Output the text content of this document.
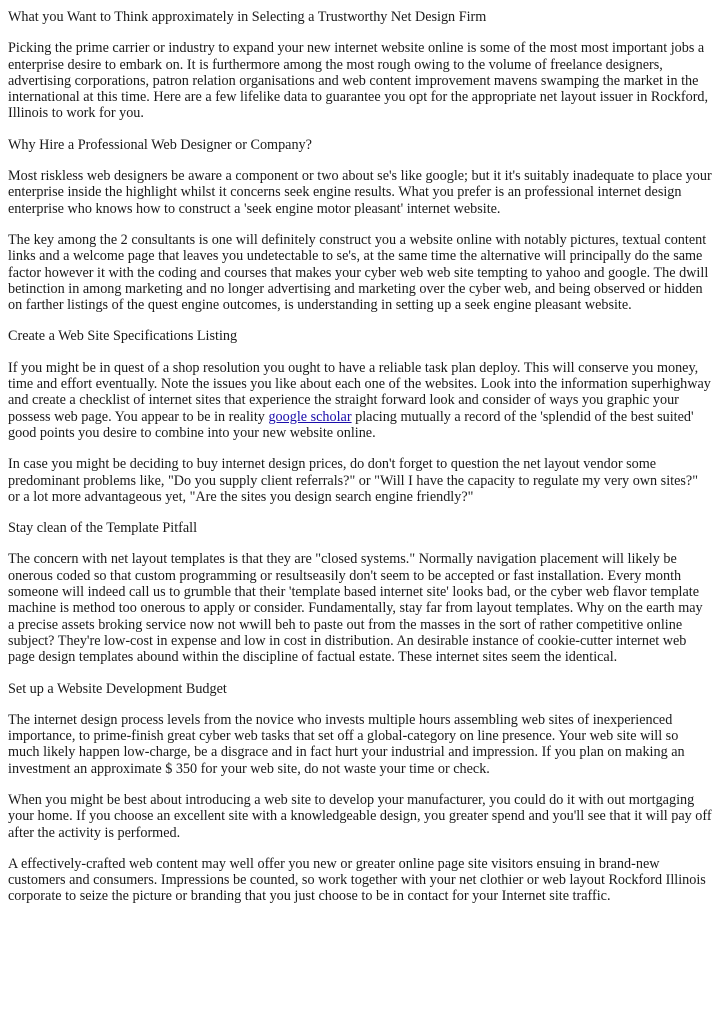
What you Want to Think approximately in Selecting a Trustworthy Net Design Firm

Picking the prime carrier or industry to expand your new internet website online is some of the most most important jobs a enterprise desire to embark on. It is furthermore among the most rough owing to the volume of freelance designers, advertising corporations, patron relation organisations and web content improvement mavens swamping the market in the international at this time. Here are a few lifelike data to guarantee you opt for the appropriate net layout issuer in Rockford, Illinois to work for you.

Why Hire a Professional Web Designer or Company?

Most riskless web designers be aware a component or two about se's like google; but it it's suitably inadequate to place your enterprise inside the highlight whilst it concerns seek engine results. What you prefer is an professional internet design enterprise who knows how to construct a 'seek engine motor pleasant' internet website.

The key among the 2 consultants is one will definitely construct you a website online with notably pictures, textual content links and a welcome page that leaves you undetectable to se's, at the same time the alternative will principally do the same factor however it with the coding and courses that makes your cyber web web site tempting to yahoo and google. The dwill betinction in among marketing and no longer advertising and marketing over the cyber web, and being observed or hidden on farther listings of the quest engine outcomes, is understanding in setting up a seek engine pleasant website.

Create a Web Site Specifications Listing

If you might be in quest of a shop resolution you ought to have a reliable task plan deploy. This will conserve you money, time and effort eventually. Note the issues you like about each one of the websites. Look into the information superhighway and create a checklist of internet sites that experience the straight forward look and consider of ways you graphic your possess web page. You appear to be in reality google scholar placing mutually a record of the 'splendid of the best suited' good points you desire to combine into your new website online.

In case you might be deciding to buy internet design prices, do don't forget to question the net layout vendor some predominant problems like, "Do you supply client referrals?" or "Will I have the capacity to regulate my very own sites?" or a lot more advantageous yet, "Are the sites you design search engine friendly?"

Stay clean of the Template Pitfall

The concern with net layout templates is that they are "closed systems." Normally navigation placement will likely be onerous coded so that custom programming or resultseasily don't seem to be accepted or fast installation. Every month someone will indeed call us to grumble that their 'template based internet site' looks bad, or the cyber web flavor template machine is method too onerous to apply or consider. Fundamentally, stay far from layout templates. Why on the earth may a precise assets broking service now not wwill beh to paste out from the masses in the sort of rather competitive online subject? They're low-cost in expense and low in cost in distribution. An desirable instance of cookie-cutter internet web page design templates abound within the discipline of factual estate. These internet sites seem the identical.

Set up a Website Development Budget

The internet design process levels from the novice who invests multiple hours assembling web sites of inexperienced importance, to prime-finish great cyber web tasks that set off a global-category on line presence. Your web site will so much likely happen low-charge, be a disgrace and in fact hurt your industrial and impression. If you plan on making an investment an approximate $ 350 for your web site, do not waste your time or check.

When you might be best about introducing a web site to develop your manufacturer, you could do it with out mortgaging your home. If you choose an excellent site with a knowledgeable design, you greater spend and you'll see that it will pay off after the activity is performed.

A effectively-crafted web content may well offer you new or greater online page site visitors ensuing in brand-new customers and consumers. Impressions be counted, so work together with your net clothier or web layout Rockford Illinois corporate to seize the picture or branding that you just choose to be in contact for your Internet site traffic.
